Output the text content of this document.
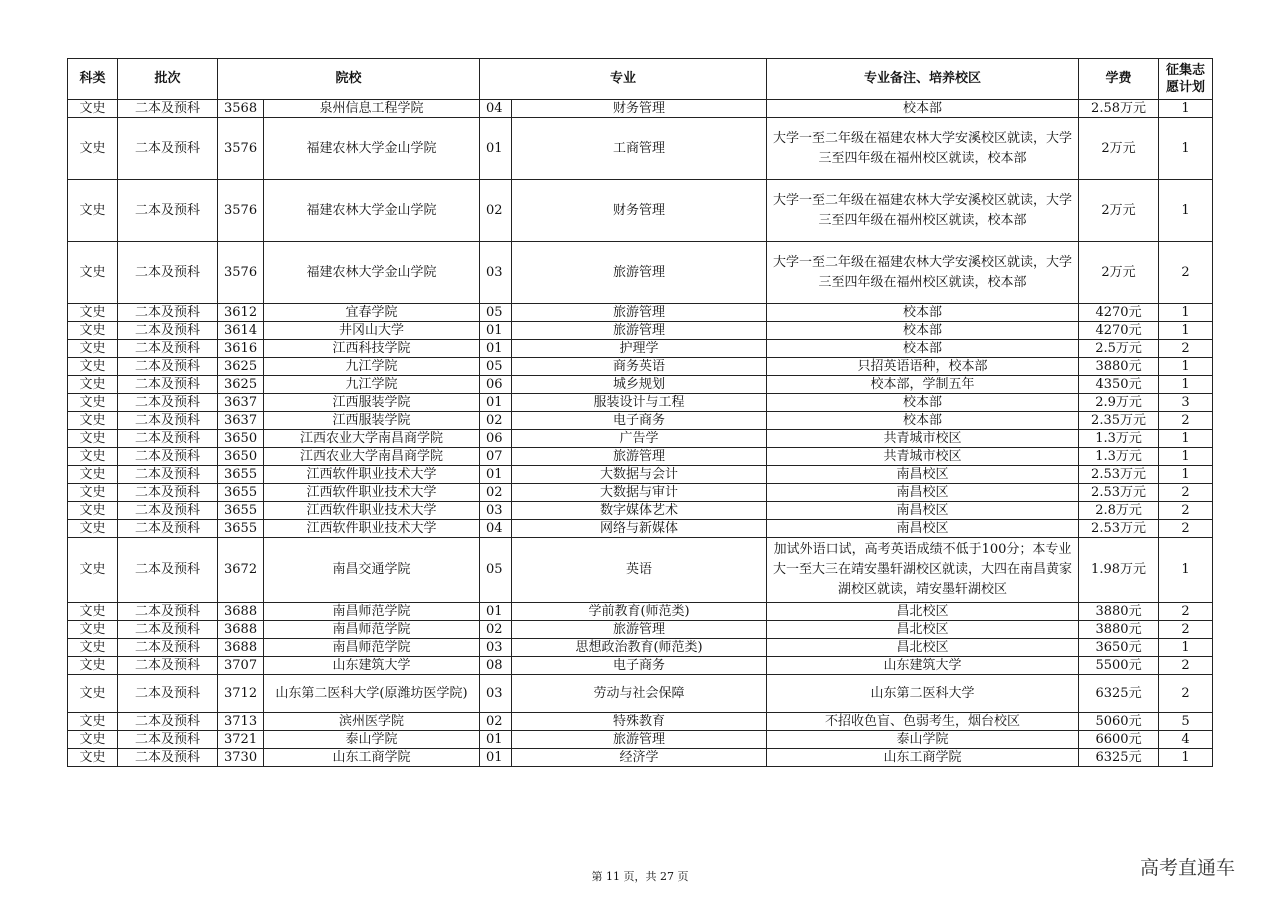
科类	批次	院校		专业		专业备注、培养校区	学费	征集志愿计划
文史	二本及预科	3568	泉州信息工程学院	04	财务管理	校本部	2.58万元	1
文史	二本及预科	3576	福建农林大学金山学院	01	工商管理	大学一至二年级在福建农林大学安溪校区就读，大学三至四年级在福州校区就读，校本部	2万元	1
文史	二本及预科	3576	福建农林大学金山学院	02	财务管理	大学一至二年级在福建农林大学安溪校区就读，大学三至四年级在福州校区就读，校本部	2万元	1
文史	二本及预科	3576	福建农林大学金山学院	03	旅游管理	大学一至二年级在福建农林大学安溪校区就读，大学三至四年级在福州校区就读，校本部	2万元	2
文史	二本及预科	3612	宜春学院	05	旅游管理	校本部	4270元	1
文史	二本及预科	3614	井冈山大学	01	旅游管理	校本部	4270元	1
文史	二本及预科	3616	江西科技学院	01	护理学	校本部	2.5万元	2
文史	二本及预科	3625	九江学院	05	商务英语	只招英语语种，校本部	3880元	1
文史	二本及预科	3625	九江学院	06	城乡规划	校本部，学制五年	4350元	1
文史	二本及预科	3637	江西服装学院	01	服装设计与工程	校本部	2.9万元	3
文史	二本及预科	3637	江西服装学院	02	电子商务	校本部	2.35万元	2
文史	二本及预科	3650	江西农业大学南昌商学院	06	广告学	共青城市校区	1.3万元	1
文史	二本及预科	3650	江西农业大学南昌商学院	07	旅游管理	共青城市校区	1.3万元	1
文史	二本及预科	3655	江西软件职业技术大学	01	大数据与会计	南昌校区	2.53万元	1
文史	二本及预科	3655	江西软件职业技术大学	02	大数据与审计	南昌校区	2.53万元	2
文史	二本及预科	3655	江西软件职业技术大学	03	数字媒体艺术	南昌校区	2.8万元	2
文史	二本及预科	3655	江西软件职业技术大学	04	网络与新媒体	南昌校区	2.53万元	2
文史	二本及预科	3672	南昌交通学院	05	英语	加试外语口试，高考英语成绩不低于100分；本专业大一至大三在靖安墨轩湖校区就读，大四在南昌黄家湖校区就读，靖安墨轩湖校区	1.98万元	1
文史	二本及预科	3688	南昌师范学院	01	学前教育(师范类)	昌北校区	3880元	2
文史	二本及预科	3688	南昌师范学院	02	旅游管理	昌北校区	3880元	2
文史	二本及预科	3688	南昌师范学院	03	思想政治教育(师范类)	昌北校区	3650元	1
文史	二本及预科	3707	山东建筑大学	08	电子商务	山东建筑大学	5500元	2
文史	二本及预科	3712	山东第二医科大学(原潍坊医学院)	03	劳动与社会保障	山东第二医科大学	6325元	2
文史	二本及预科	3713	滨州医学院	02	特殊教育	不招收色盲、色弱考生，烟台校区	5060元	5
文史	二本及预科	3721	泰山学院	01	旅游管理	泰山学院	6600元	4
文史	二本及预科	3730	山东工商学院	01	经济学	山东工商学院	6325元	1
第 11 页，共 27 页	高考直通车
